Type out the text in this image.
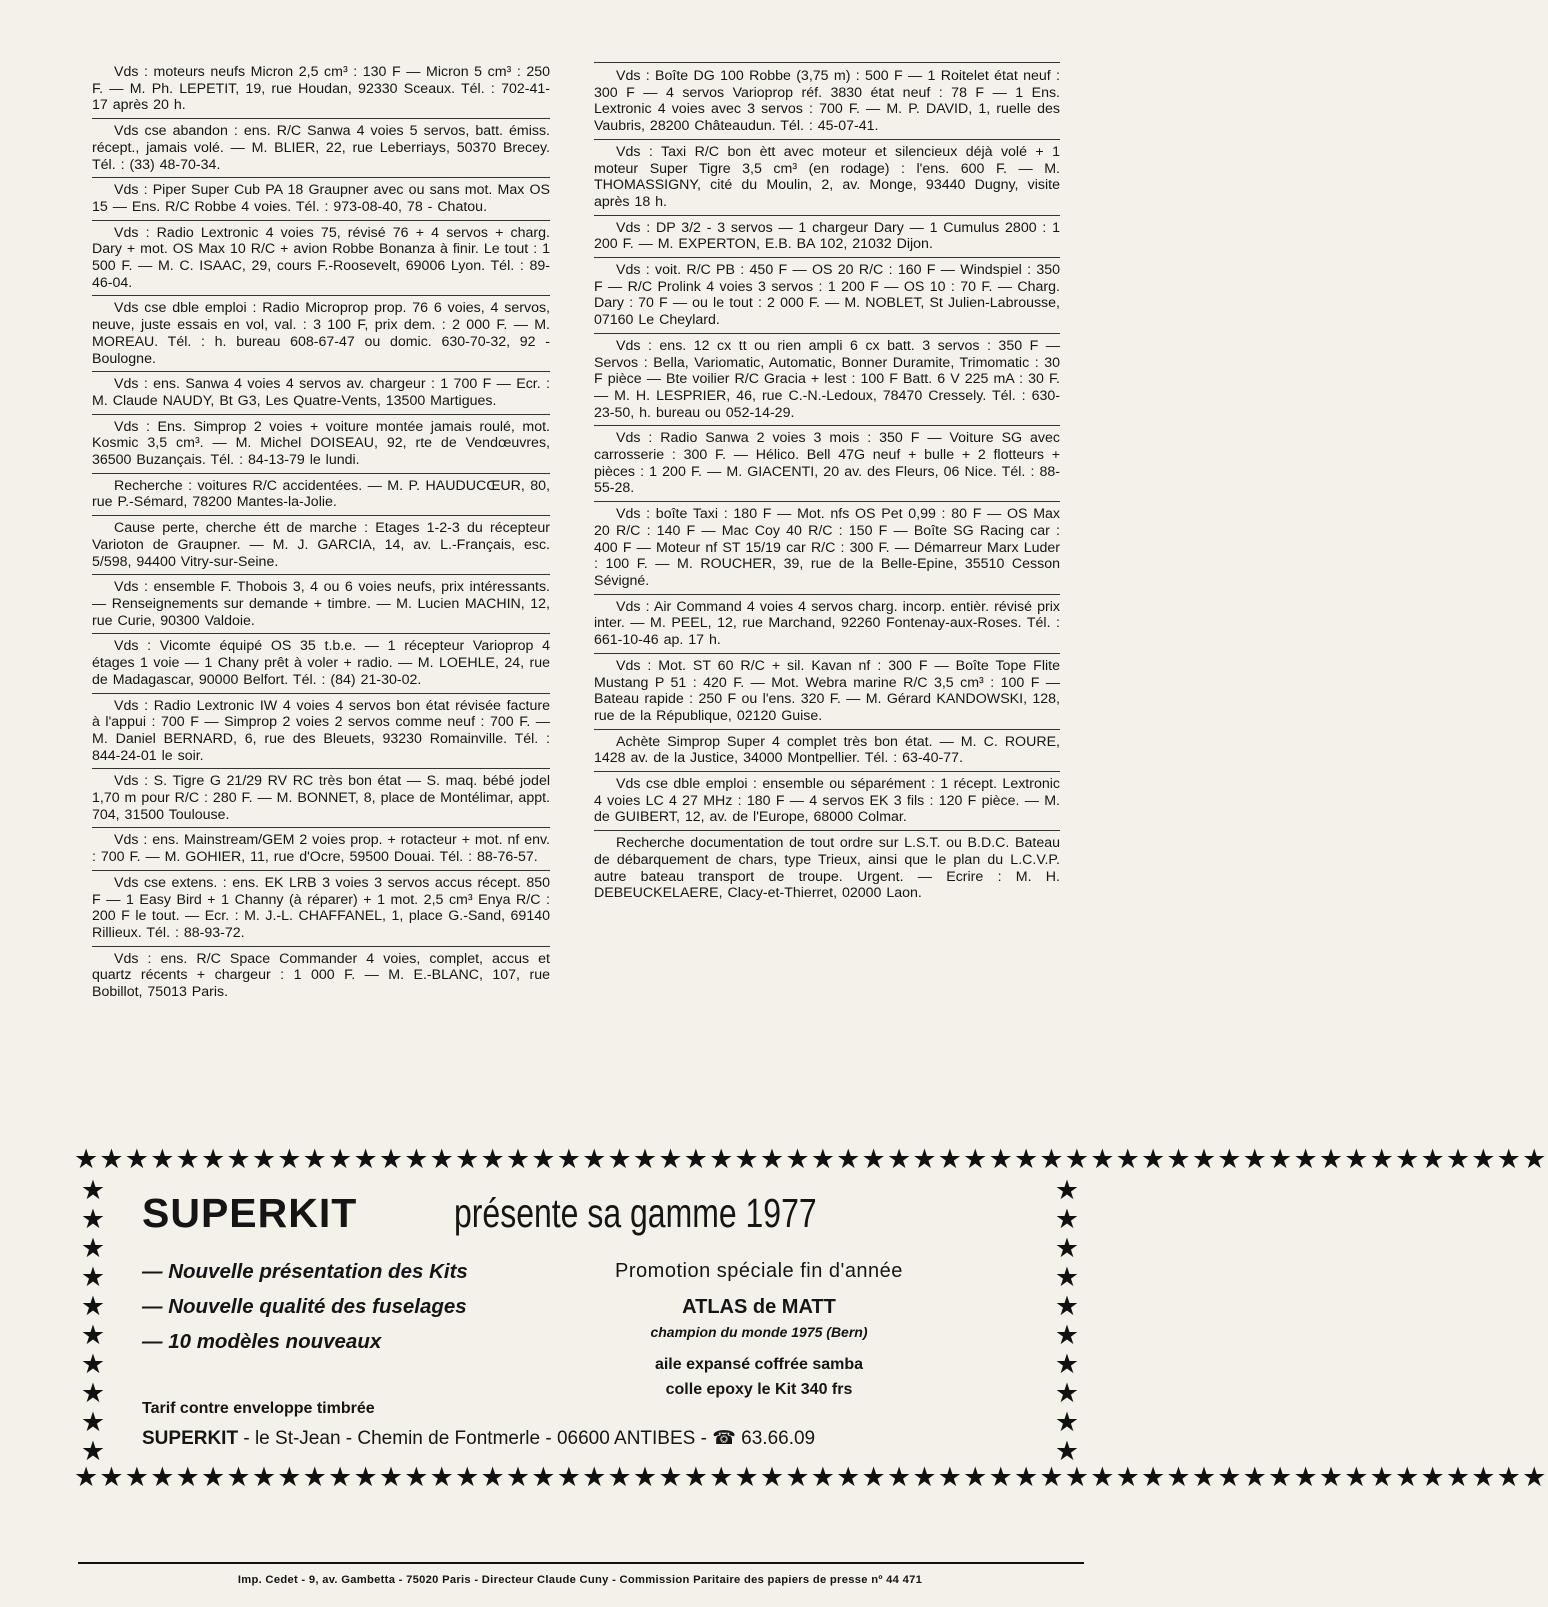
Vds : moteurs neufs Micron 2,5 cm³ : 130 F — Micron 5 cm³ : 250 F. — M. Ph. LEPETIT, 19, rue Houdan, 92330 Sceaux. Tél. : 702-41-17 après 20 h.
Vds cse abandon : ens. R/C Sanwa 4 voies 5 servos, batt. émiss. récept., jamais volé. — M. BLIER, 22, rue Leberriays, 50370 Brecey. Tél. : (33) 48-70-34.
Vds : Piper Super Cub PA 18 Graupner avec ou sans mot. Max OS 15 — Ens. R/C Robbe 4 voies. Tél. : 973-08-40, 78 - Chatou.
Vds : Radio Lextronic 4 voies 75, révisé 76 + 4 servos + charg. Dary + mot. OS Max 10 R/C + avion Robbe Bonanza à finir. Le tout : 1 500 F. — M. C. ISAAC, 29, cours F.-Roosevelt, 69006 Lyon. Tél. : 89-46-04.
Vds cse dble emploi : Radio Microprop prop. 76 6 voies, 4 servos, neuve, juste essais en vol, val. : 3 100 F, prix dem. : 2 000 F. — M. MOREAU. Tél. : h. bureau 608-67-47 ou domic. 630-70-32, 92 - Boulogne.
Vds : ens. Sanwa 4 voies 4 servos av. chargeur : 1 700 F — Ecr. : M. Claude NAUDY, Bt G3, Les Quatre-Vents, 13500 Martigues.
Vds : Ens. Simprop 2 voies + voiture montée jamais roulé, mot. Kosmic 3,5 cm³. — M. Michel DOISEAU, 92, rte de Vendœuvres, 36500 Buzançais. Tél. : 84-13-79 le lundi.
Recherche : voitures R/C accidentées. — M. P. HAUDUCŒUR, 80, rue P.-Sémard, 78200 Mantes-la-Jolie.
Cause perte, cherche étt de marche : Etages 1-2-3 du récepteur Varioton de Graupner. — M. J. GARCIA, 14, av. L.-Français, esc. 5/598, 94400 Vitry-sur-Seine.
Vds : ensemble F. Thobois 3, 4 ou 6 voies neufs, prix intéressants. — Renseignements sur demande + timbre. — M. Lucien MACHIN, 12, rue Curie, 90300 Valdoie.
Vds : Vicomte équipé OS 35 t.b.e. — 1 récepteur Varioprop 4 étages 1 voie — 1 Chany prêt à voler + radio. — M. LOEHLE, 24, rue de Madagascar, 90000 Belfort. Tél. : (84) 21-30-02.
Vds : Radio Lextronic IW 4 voies 4 servos bon état révisée facture à l'appui : 700 F — Simprop 2 voies 2 servos comme neuf : 700 F. — M. Daniel BERNARD, 6, rue des Bleuets, 93230 Romainville. Tél. : 844-24-01 le soir.
Vds : S. Tigre G 21/29 RV RC très bon état — S. maq. bébé jodel 1,70 m pour R/C : 280 F. — M. BONNET, 8, place de Montélimar, appt. 704, 31500 Toulouse.
Vds : ens. Mainstream/GEM 2 voies prop. + rotacteur + mot. nf env. : 700 F. — M. GOHIER, 11, rue d'Ocre, 59500 Douai. Tél. : 88-76-57.
Vds cse extens. : ens. EK LRB 3 voies 3 servos accus récept. 850 F — 1 Easy Bird + 1 Channy (à réparer) + 1 mot. 2,5 cm³ Enya R/C : 200 F le tout. — Ecr. : M. J.-L. CHAFFANEL, 1, place G.-Sand, 69140 Rillieux. Tél. : 88-93-72.
Vds : ens. R/C Space Commander 4 voies, complet, accus et quartz récents + chargeur : 1 000 F. — M. E.-BLANC, 107, rue Bobillot, 75013 Paris.
Vds : Boîte DG 100 Robbe (3,75 m) : 500 F — 1 Roitelet état neuf : 300 F — 4 servos Varioprop réf. 3830 état neuf : 78 F — 1 Ens. Lextronic 4 voies avec 3 servos : 700 F. — M. P. DAVID, 1, ruelle des Vaubris, 28200 Châteaudun. Tél. : 45-07-41.
Vds : Taxi R/C bon ètt avec moteur et silencieux déjà volé + 1 moteur Super Tigre 3,5 cm³ (en rodage) : l'ens. 600 F. — M. THOMASSIGNY, cité du Moulin, 2, av. Monge, 93440 Dugny, visite après 18 h.
Vds : DP 3/2 - 3 servos — 1 chargeur Dary — 1 Cumulus 2800 : 1 200 F. — M. EXPERTON, E.B. BA 102, 21032 Dijon.
Vds : voit. R/C PB : 450 F — OS 20 R/C : 160 F — Windspiel : 350 F — R/C Prolink 4 voies 3 servos : 1 200 F — OS 10 : 70 F. — Charg. Dary : 70 F — ou le tout : 2 000 F. — M. NOBLET, St Julien-Labrousse, 07160 Le Cheylard.
Vds : ens. 12 cx tt ou rien ampli 6 cx batt. 3 servos : 350 F — Servos : Bella, Variomatic, Automatic, Bonner Duramite, Trimomatic : 30 F pièce — Bte voilier R/C Gracia + lest : 100 F Batt. 6 V 225 mA : 30 F. — M. H. LESPRIER, 46, rue C.-N.-Ledoux, 78470 Cressely. Tél. : 630-23-50, h. bureau ou 052-14-29.
Vds : Radio Sanwa 2 voies 3 mois : 350 F — Voiture SG avec carrosserie : 300 F. — Hélico. Bell 47G neuf + bulle + 2 flotteurs + pièces : 1 200 F. — M. GIACENTI, 20 av. des Fleurs, 06 Nice. Tél. : 88-55-28.
Vds : boîte Taxi : 180 F — Mot. nfs OS Pet 0,99 : 80 F — OS Max 20 R/C : 140 F — Mac Coy 40 R/C : 150 F — Boîte SG Racing car : 400 F — Moteur nf ST 15/19 car R/C : 300 F. — Démarreur Marx Luder : 100 F. — M. ROUCHER, 39, rue de la Belle-Epine, 35510 Cesson Sévigné.
Vds : Air Command 4 voies 4 servos charg. incorp. entièr. révisé prix inter. — M. PEEL, 12, rue Marchand, 92260 Fontenay-aux-Roses. Tél. : 661-10-46 ap. 17 h.
Vds : Mot. ST 60 R/C + sil. Kavan nf : 300 F — Boîte Tope Flite Mustang P 51 : 420 F. — Mot. Webra marine R/C 3,5 cm³ : 100 F — Bateau rapide : 250 F ou l'ens. 320 F. — M. Gérard KANDOWSKI, 128, rue de la République, 02120 Guise.
Achète Simprop Super 4 complet très bon état. — M. C. ROURE, 1428 av. de la Justice, 34000 Montpellier. Tél. : 63-40-77.
Vds cse dble emploi : ensemble ou séparément : 1 récept. Lextronic 4 voies LC 4 27 MHz : 180 F — 4 servos EK 3 fils : 120 F pièce. — M. de GUIBERT, 12, av. de l'Europe, 68000 Colmar.
Recherche documentation de tout ordre sur L.S.T. ou B.D.C. Bateau de débarquement de chars, type Trieux, ainsi que le plan du L.C.V.P. autre bateau transport de troupe. Urgent. — Ecrire : M. H. DEBEUCKELAERE, Clacy-et-Thierret, 02000 Laon.
★★★★★★★★★★★★★★★★★★★★★★★★★★★★★★★★★★★★★★★★★★★★★★★★★★★★★★★★★★
★
★
★
★
★
★
★
★
★
★
★
★
★
★
★
★
★
★
★
★
★★★★★★★★★★★★★★★★★★★★★★★★★★★★★★★★★★★★★★★★★★★★★★★★★★★★★★★★★★
SUPERKIT présente sa gamme 1977
— Nouvelle présentation des Kits
— Nouvelle qualité des fuselages
— 10 modèles nouveaux
Promotion spéciale fin d'année
ATLAS de MATT
champion du monde 1975 (Bern)
aile expansé coffrée samba
colle epoxy le Kit 340 frs
Tarif contre enveloppe timbrée
SUPERKIT - le St-Jean - Chemin de Fontmerle - 06600 ANTIBES - ☎ 63.66.09
Imp. Cedet - 9, av. Gambetta - 75020 Paris - Directeur Claude Cuny - Commission Paritaire des papiers de presse nº 44 471
